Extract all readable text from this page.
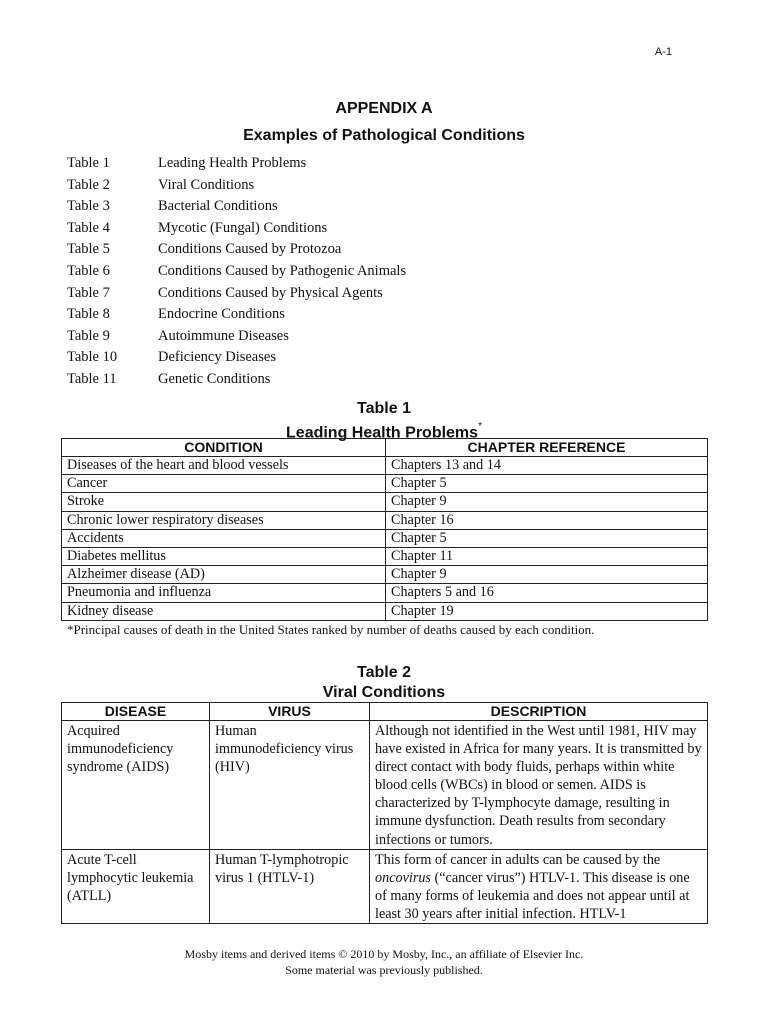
A-1
APPENDIX A
Examples of Pathological Conditions
Table 1	Leading Health Problems
Table 2	Viral Conditions
Table 3	Bacterial Conditions
Table 4	Mycotic (Fungal) Conditions
Table 5	Conditions Caused by Protozoa
Table 6	Conditions Caused by Pathogenic Animals
Table 7	Conditions Caused by Physical Agents
Table 8	Endocrine Conditions
Table 9	Autoimmune Diseases
Table 10	Deficiency Diseases
Table 11	Genetic Conditions
Table 1
Leading Health Problems*
CONDITION	CHAPTER REFERENCE
Diseases of the heart and blood vessels	Chapters 13 and 14
Cancer	Chapter 5
Stroke	Chapter 9
Chronic lower respiratory diseases	Chapter 16
Accidents	Chapter 5
Diabetes mellitus	Chapter 11
Alzheimer disease (AD)	Chapter 9
Pneumonia and influenza	Chapters 5 and 16
Kidney disease	Chapter 19
*Principal causes of death in the United States ranked by number of deaths caused by each condition.
Table 2
Viral Conditions
DISEASE	VIRUS	DESCRIPTION
Acquired immunodeficiency syndrome (AIDS)	Human immunodeficiency virus (HIV)	Although not identified in the West until 1981, HIV may have existed in Africa for many years. It is transmitted by direct contact with body fluids, perhaps within white blood cells (WBCs) in blood or semen. AIDS is characterized by T-lymphocyte damage, resulting in immune dysfunction. Death results from secondary infections or tumors.
Acute T-cell lymphocytic leukemia (ATLL)	Human T-lymphotropic virus 1 (HTLV-1)	This form of cancer in adults can be caused by the oncovirus (“cancer virus”) HTLV-1. This disease is one of many forms of leukemia and does not appear until at least 30 years after initial infection. HTLV-1
Mosby items and derived items © 2010 by Mosby, Inc., an affiliate of Elsevier Inc.
Some material was previously published.
